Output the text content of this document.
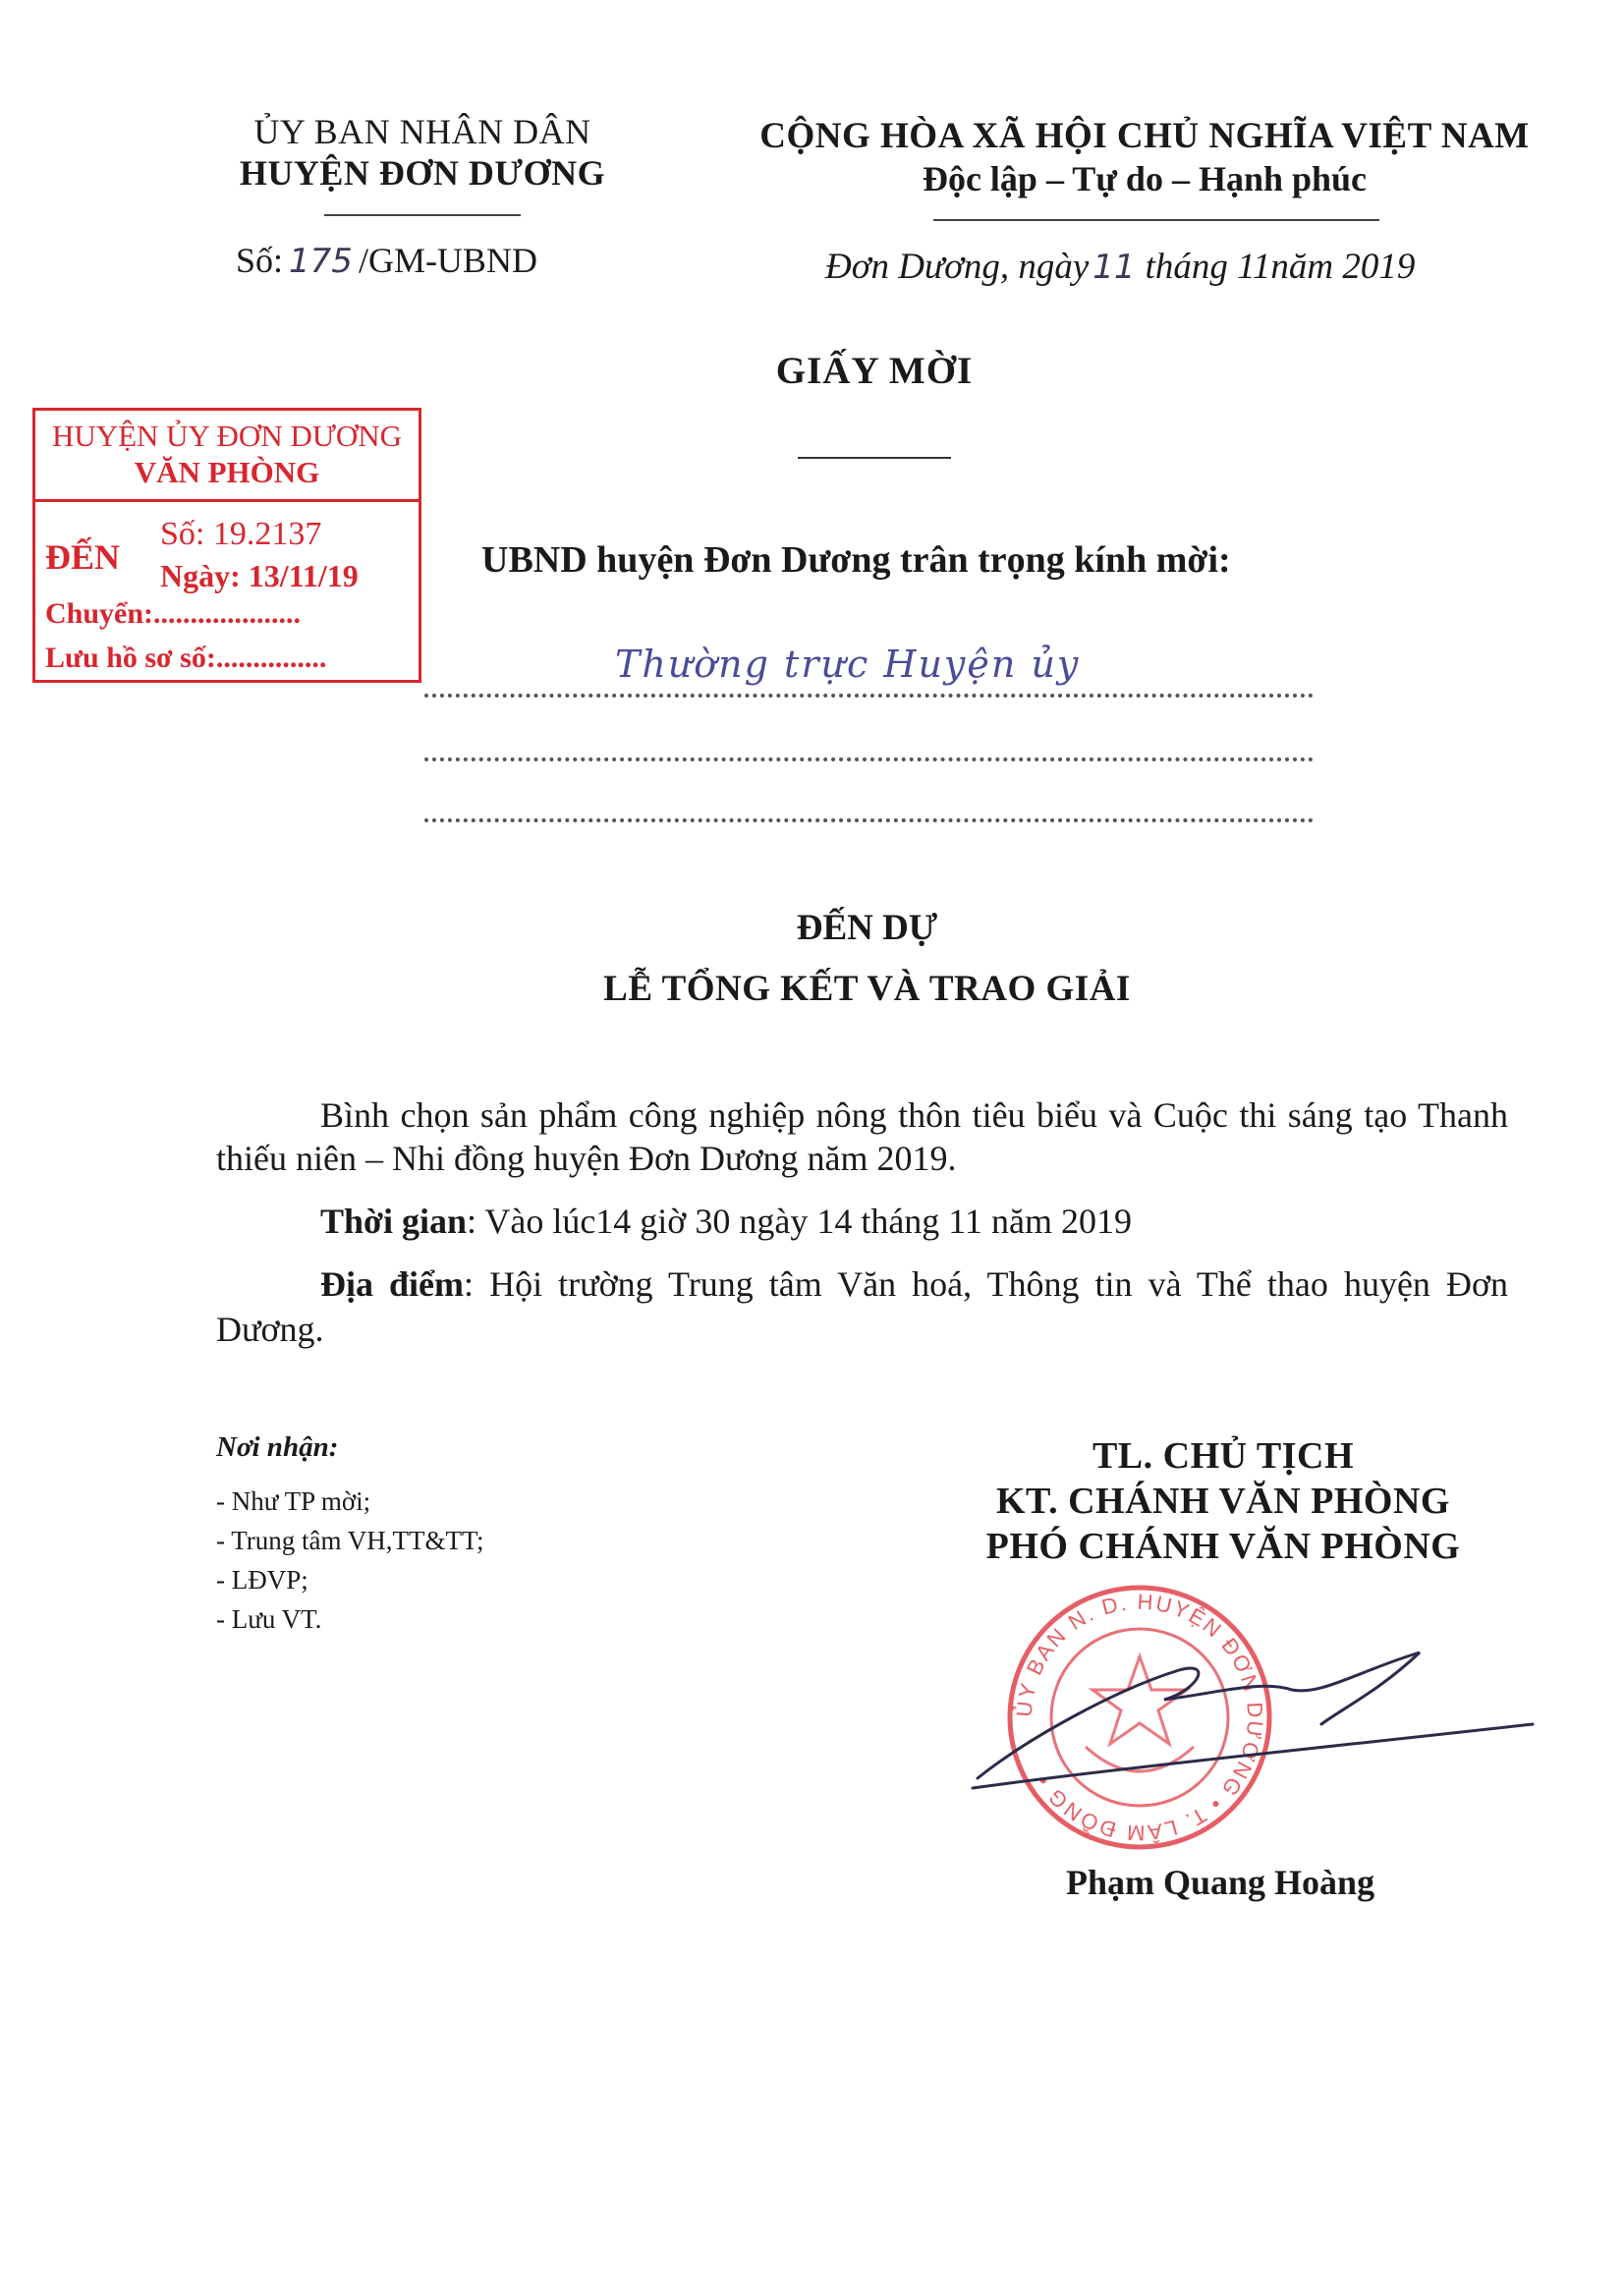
ỦY BAN NHÂN DÂN
HUYỆN ĐƠN DƯƠNG
CỘNG HÒA XÃ HỘI CHỦ NGHĨA VIỆT NAM
Độc lập – Tự do – Hạnh phúc
Số: 175 /GM-UBND	Đơn Dương, ngày 11 tháng 11năm 2019
GIẤY MỜI
HUYỆN ỦY ĐƠN DƯƠNG
VĂN PHÒNG
ĐẾN
Số: 19.2137
Ngày: 13/11/19
Chuyển:....................
Lưu hồ sơ số:...............
UBND huyện Đơn Dương trân trọng kính mời:
Thường trực Huyện ủy
ĐẾN DỰ
LỄ TỔNG KẾT VÀ TRAO GIẢI
Bình chọn sản phẩm công nghiệp nông thôn tiêu biểu và Cuộc thi sáng tạo Thanh thiếu niên – Nhi đồng huyện Đơn Dương năm 2019.
Thời gian: Vào lúc14 giờ 30 ngày 14 tháng 11 năm 2019
Địa điểm: Hội trường Trung tâm Văn hoá, Thông tin và Thể thao huyện Đơn Dương.
Nơi nhận:
- Như TP mời;
- Trung tâm VH,TT&TT;
- LĐVP;
- Lưu VT.
TL. CHỦ TỊCH
KT. CHÁNH VĂN PHÒNG
PHÓ CHÁNH VĂN PHÒNG
ỦY BAN N. D. HUYỆN ĐƠN DƯƠNG • T. LÂM ĐỒNG •
Phạm Quang Hoàng
